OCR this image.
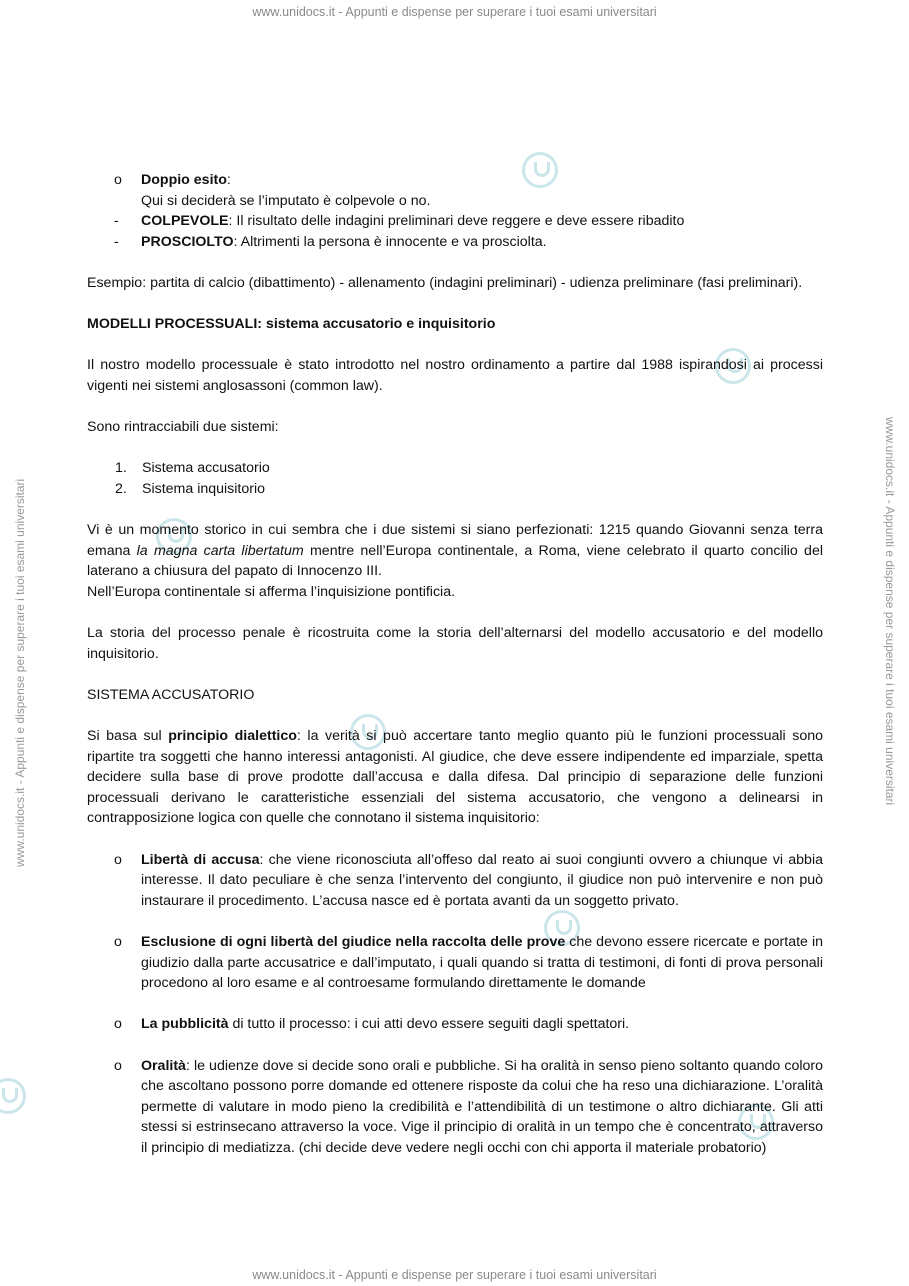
www.unidocs.it - Appunti e dispense per superare i tuoi esami universitari
www.unidocs.it - Appunti e dispense per superare i tuoi esami universitari
www.unidocs.it - Appunti e dispense per superare i tuoi esami universitari	www.unidocs.it - Appunti e dispense per superare i tuoi esami universitari
o	Doppio esito:

Qui si deciderà se l’imputato è colpevole o no.

-	COLPEVOLE: Il risultato delle indagini preliminari deve reggere e deve essere ribadito
-	PROSCIOLTO: Altrimenti la persona è innocente e va prosciolta.

Esempio: partita di calcio (dibattimento) - allenamento (indagini preliminari) - udienza preliminare (fasi preliminari).

MODELLI PROCESSUALI: sistema accusatorio e inquisitorio

Il nostro modello processuale è stato introdotto nel nostro ordinamento a partire dal 1988 ispirandosi ai processi vigenti nei sistemi anglosassoni (common law).

Sono rintracciabili due sistemi:

1.	Sistema accusatorio
2.	Sistema inquisitorio

Vi è un momento storico in cui sembra che i due sistemi si siano perfezionati: 1215 quando Giovanni senza terra emana la magna carta libertatum mentre nell’Europa continentale, a Roma, viene celebrato il quarto concilio del laterano a chiusura del papato di Innocenzo III.

Nell’Europa continentale si afferma l’inquisizione pontificia.

La storia del processo penale è ricostruita come la storia dell’alternarsi del modello accusatorio e del modello inquisitorio.

SISTEMA ACCUSATORIO

Si basa sul principio dialettico: la verità si può accertare tanto meglio quanto più le funzioni processuali sono ripartite tra soggetti che hanno interessi antagonisti. Al giudice, che deve essere indipendente ed imparziale, spetta decidere sulla base di prove prodotte dall’accusa e dalla difesa. Dal principio di separazione delle funzioni processuali derivano le caratteristiche essenziali del sistema accusatorio, che vengono a delinearsi in contrapposizione logica con quelle che connotano il sistema inquisitorio:

o	Libertà di accusa: che viene riconosciuta all’offeso dal reato ai suoi congiunti ovvero a chiunque vi abbia interesse. Il dato peculiare è che senza l’intervento del congiunto, il giudice non può intervenire e non può instaurare il procedimento. L’accusa nasce ed è portata avanti da un soggetto privato.
o	Esclusione di ogni libertà del giudice nella raccolta delle prove che devono essere ricercate e portate in giudizio dalla parte accusatrice e dall’imputato, i quali quando si tratta di testimoni, di fonti di prova personali procedono al loro esame e al controesame formulando direttamente le domande
o	La pubblicità di tutto il processo: i cui atti devo essere seguiti dagli spettatori.
o	Oralità: le udienze dove si decide sono orali e pubbliche. Si ha oralità in senso pieno soltanto quando coloro che ascoltano possono porre domande ed ottenere risposte da colui che ha reso una dichiarazione. L’oralità permette di valutare in modo pieno la credibilità e l’attendibilità di un testimone o altro dichiarante. Gli atti stessi si estrinsecano attraverso la voce. Vige il principio di oralità in un tempo che è concentrato, attraverso il principio di mediatizza. (chi decide deve vedere negli occhi con chi apporta il materiale probatorio)
